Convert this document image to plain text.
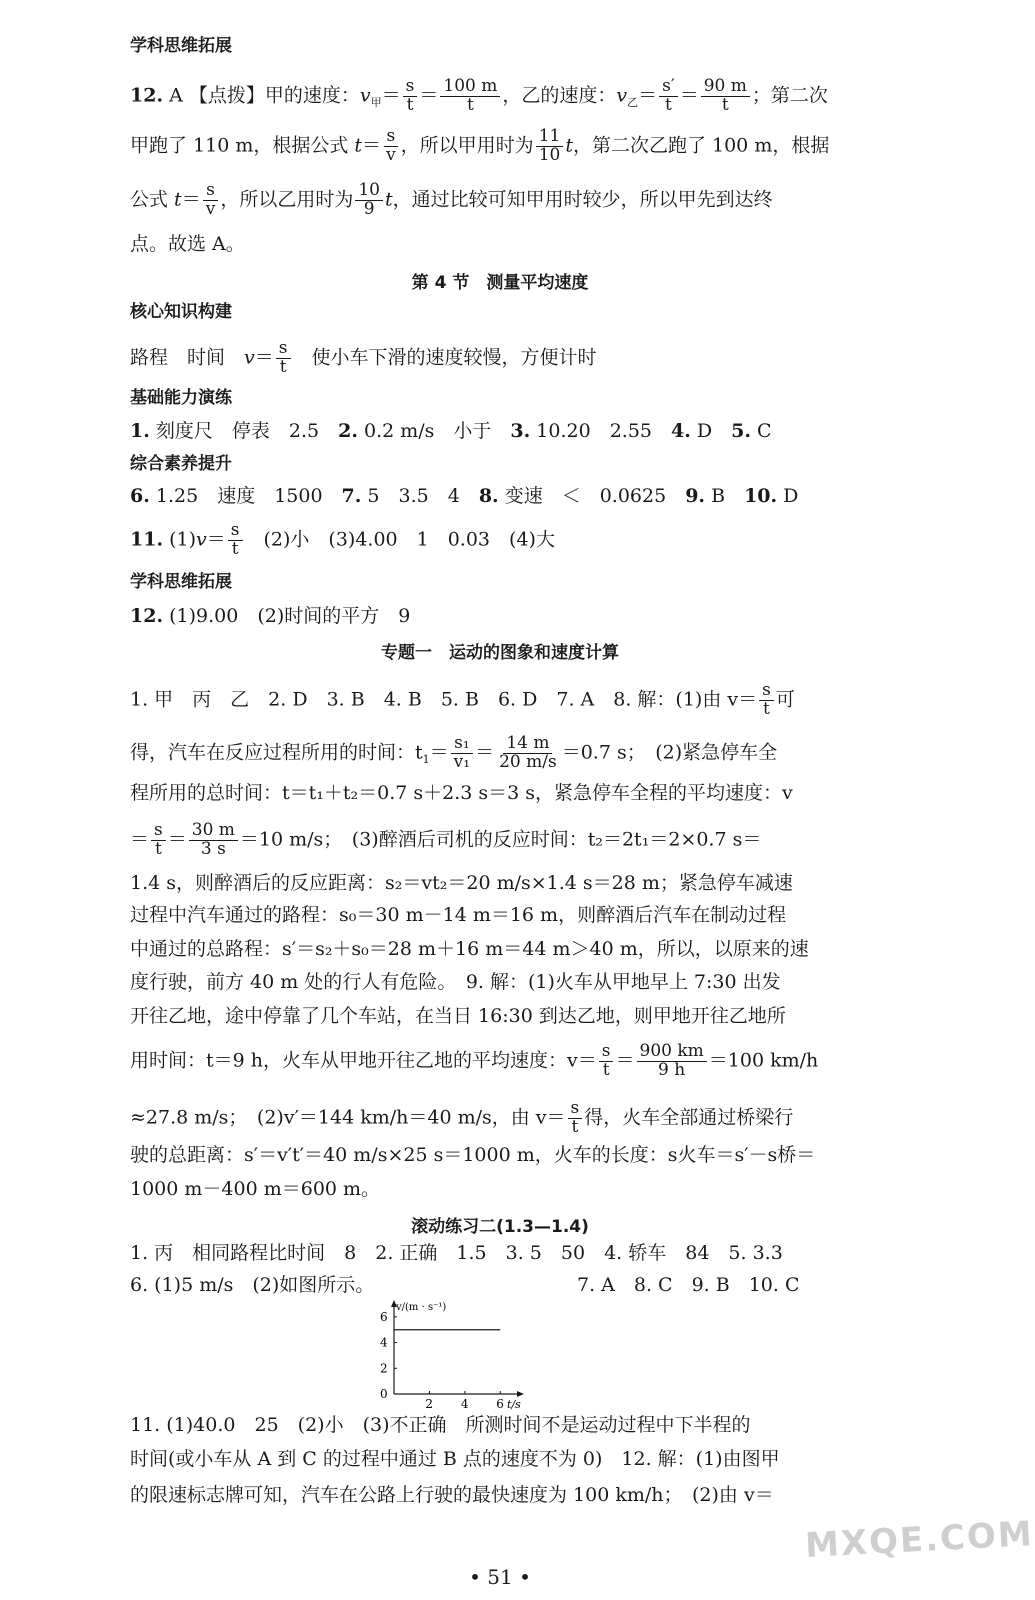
学科思维拓展
12. A 【点拨】甲的速度：$v_甲= \frac{s}{t} = \frac{100 m}{t}$ ，乙的速度：$v_乙= \frac{s'}{t} = \frac{90 m}{t}$ ；第二次
甲跑了 110 m，根据公式 $t= \frac{s}{v}$ ，所以甲用时为 $\frac{11}{10}$ t，第二次乙跑了 100 m，根据
公式 $t= \frac{s}{v}$ ，所以乙用时为 $\frac{10}{9}$ t，通过比较可知甲用时较少，所以甲先到达终
点。故选 A。
第 4 节　测量平均速度
核心知识构建
路程　时间　$v= \frac{s}{t}$ 　使小车下滑的速度较慢，方便计时
基础能力演练
1. 刻度尺　停表　2.5　2. 0.2 m/s　小于　3. 10.20　2.55　4. D　5. C
综合素养提升
6. 1.25　速度　1500　7. 5　3.5　4　8. 变速　＜　0.0625　9. B　10. D
11. $(1)v= \frac{s}{t}$ 　(2)小　(3)4.00　1　0.03　(4)大
学科思维拓展
12. (1)9.00　(2)时间的平方　9
专题一　运动的图象和速度计算
1. 甲　丙　乙　2. D　3. B　4. B　5. B　6. D　7. A　8. 解：(1)由 $v= \frac{s}{t}$ 可
得，汽车在反应过程所用的时间：$t_1= \frac{\text{s₁}}{\text{v₁}} = \frac{14 m}{20 m/s} =0.7$ s；　(2)紧急停车全
程所用的总时间：t＝t₁＋t₂＝0.7 s＋2.3 s＝3 s，紧急停车全程的平均速度：v
＝ $\frac{s}{t} = \frac{30 m}{3 s} =10$ m/s；　(3)醉酒后司机的反应时间：t₂＝2t₁＝2×0.7 s＝
1.4 s，则醉酒后的反应距离：s₂＝vt₂＝20 m/s×1.4 s＝28 m；紧急停车减速
过程中汽车通过的路程：s₀＝30 m－14 m＝16 m，则醉酒后汽车在制动过程
中通过的总路程：s′＝s₂＋s₀＝28 m＋16 m＝44 m＞40 m，所以，以原来的速
度行驶，前方 40 m 处的行人有危险。　9. 解：(1)火车从甲地早上 7:30 出发
开往乙地，途中停靠了几个车站，在当日 16:30 到达乙地，则甲地开往乙地所
用时间：t＝9 h，火车从甲地开往乙地的平均速度：$v= \frac{s}{t} = \frac{900 km}{9 h} =100$ km/h
≈27.8 m/s；　(2)v′＝144 km/h＝40 m/s，由 $v= \frac{s}{t}$ 得，火车全部通过桥梁行
驶的总距离：s′＝v′t′＝40 m/s×25 s＝1000 m，火车的长度：s火车＝s′－s桥＝
1000 m－400 m＝600 m。
滚动练习二(1.3—1.4)
1. 丙　相同路程比时间　8　2. 正确　1.5　3. 5　50　4. 轿车　84　5. 3.3
6. (1)5 m/s　(2)如图所示。	7. A　8. C　9. B　10. C
v/(m · s⁻¹)
t/s
0
2 4 6
2
4
6
11. (1)40.0　25　(2)小　(3)不正确　所测时间不是运动过程中下半程的
时间(或小车从 A 到 C 的过程中通过 B 点的速度不为 0)　12. 解：(1)由图甲
的限速标志牌可知，汽车在公路上行驶的最快速度为 100 km/h；　(2)由 v＝
MXQE.COM
• 51 •
